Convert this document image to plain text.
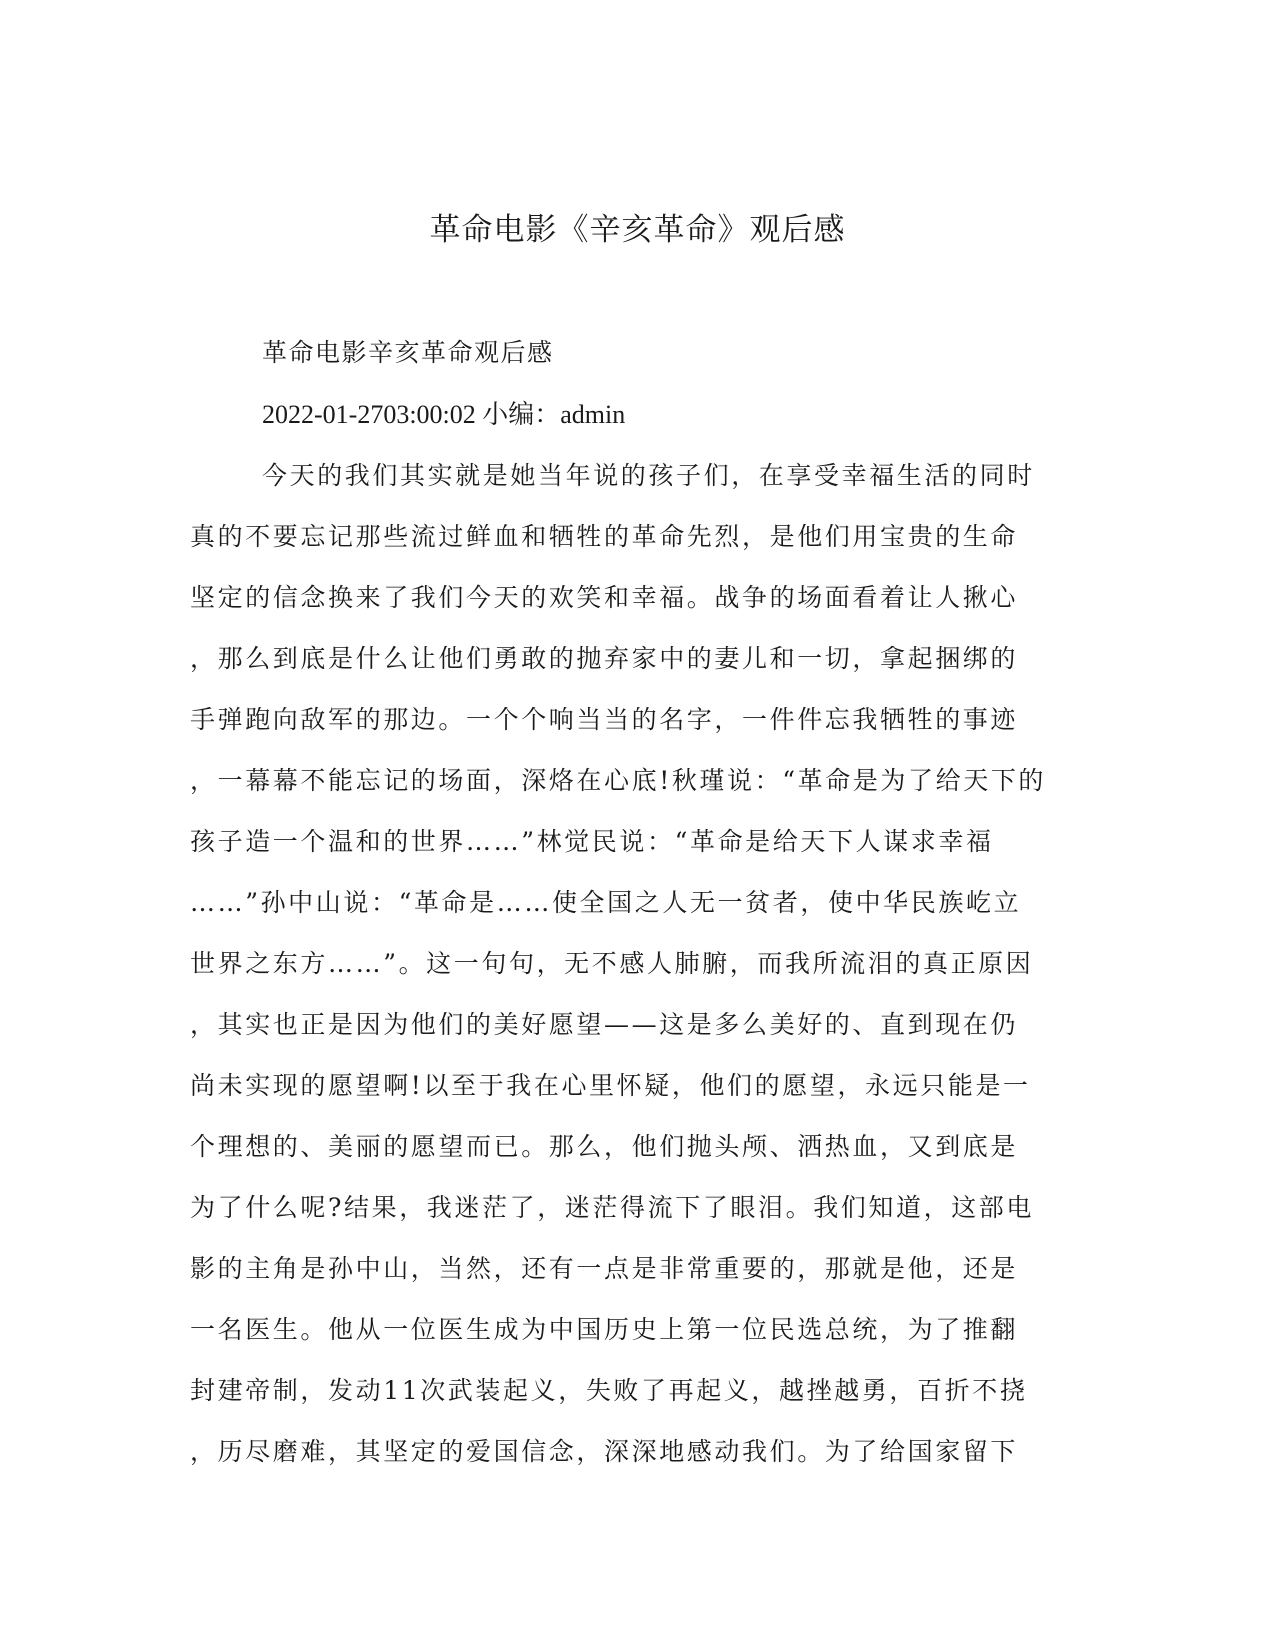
革命电影《辛亥革命》观后感

革命电影辛亥革命观后感

2022-01-2703:00:02 小编：admin

今天的我们其实就是她当年说的孩子们，在享受幸福生活的同时

真的不要忘记那些流过鲜血和牺牲的革命先烈，是他们用宝贵的生命

坚定的信念换来了我们今天的欢笑和幸福。战争的场面看着让人揪心

，那么到底是什么让他们勇敢的抛弃家中的妻儿和一切，拿起捆绑的

手弹跑向敌军的那边。一个个响当当的名字，一件件忘我牺牲的事迹

，一幕幕不能忘记的场面，深烙在心底!秋瑾说：“革命是为了给天下的

孩子造一个温和的世界……”林觉民说：“革命是给天下人谋求幸福

……”孙中山说：“革命是……使全国之人无一贫者，使中华民族屹立

世界之东方……”。这一句句，无不感人肺腑，而我所流泪的真正原因

，其实也正是因为他们的美好愿望——这是多么美好的、直到现在仍

尚未实现的愿望啊!以至于我在心里怀疑，他们的愿望，永远只能是一

个理想的、美丽的愿望而已。那么，他们抛头颅、洒热血，又到底是

为了什么呢?结果，我迷茫了，迷茫得流下了眼泪。我们知道，这部电

影的主角是孙中山，当然，还有一点是非常重要的，那就是他，还是

一名医生。他从一位医生成为中国历史上第一位民选总统，为了推翻

封建帝制，发动11次武装起义，失败了再起义，越挫越勇，百折不挠

，历尽磨难，其坚定的爱国信念，深深地感动我们。为了给国家留下
